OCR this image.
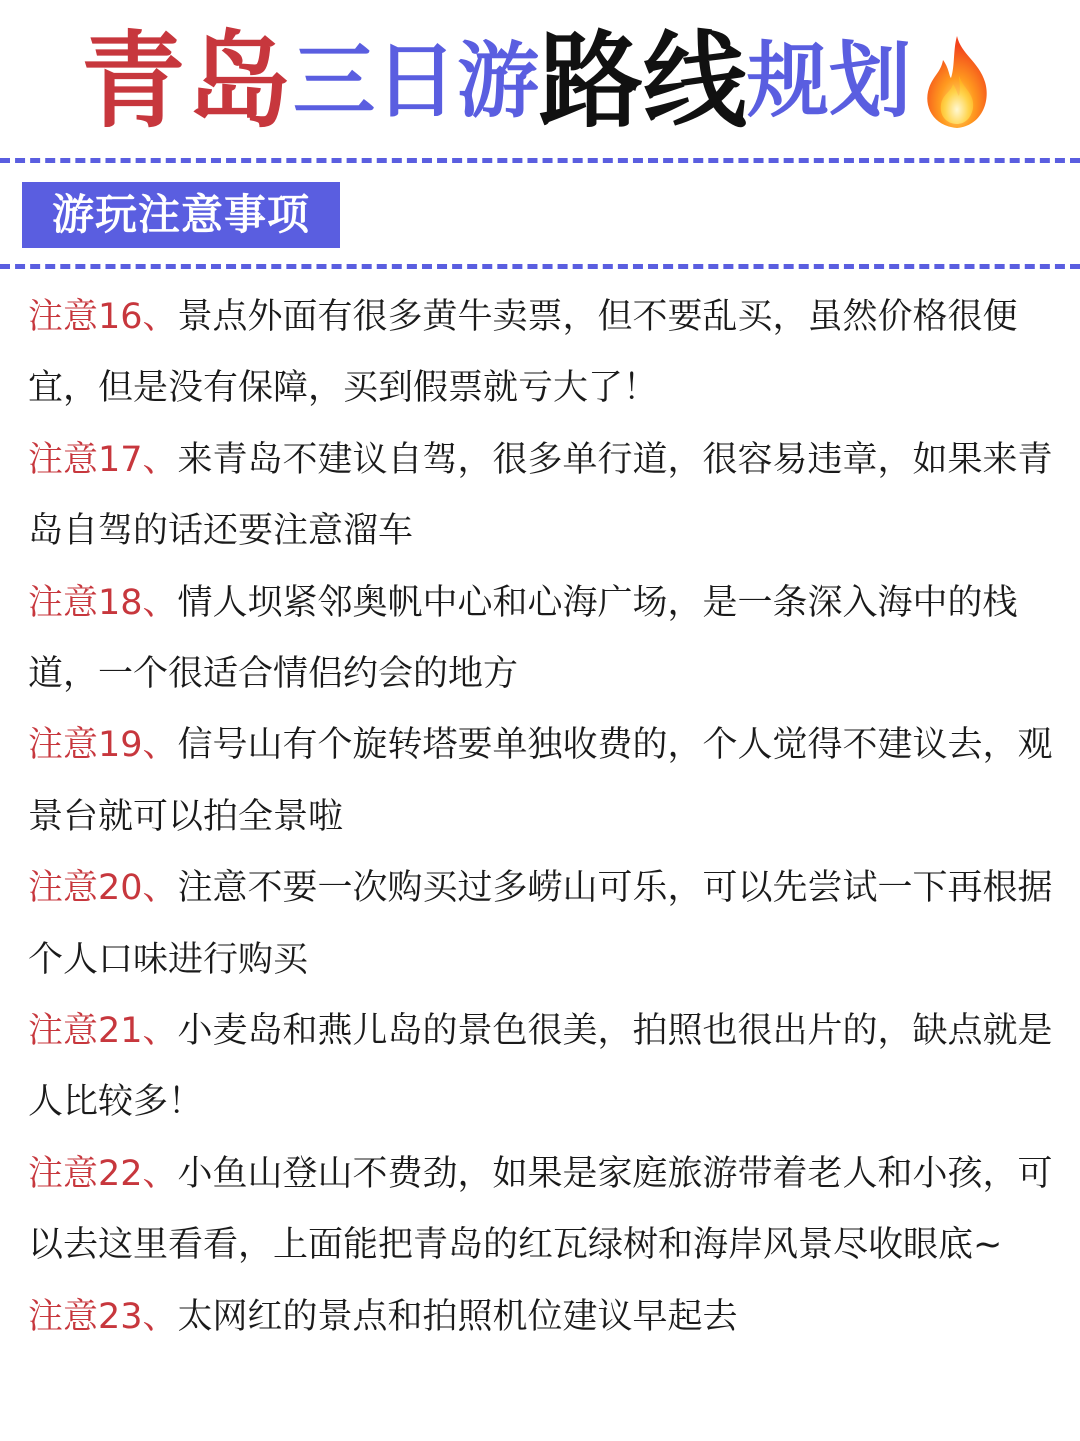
青岛三日游路线规划
游玩注意事项

注意16、景点外面有很多黄牛卖票，但不要乱买，虽然价格很便宜，但是没有保障，买到假票就亏大了！

注意17、来青岛不建议自驾，很多单行道，很容易违章，如果来青岛自驾的话还要注意溜车

注意18、情人坝紧邻奥帆中心和心海广场，是一条深入海中的栈道，一个很适合情侣约会的地方

注意19、信号山有个旋转塔要单独收费的，个人觉得不建议去，观景台就可以拍全景啦

注意20、注意不要一次购买过多崂山可乐，可以先尝试一下再根据个人口味进行购买

注意21、小麦岛和燕儿岛的景色很美，拍照也很出片的，缺点就是人比较多！

注意22、小鱼山登山不费劲，如果是家庭旅游带着老人和小孩，可以去这里看看，上面能把青岛的红瓦绿树和海岸风景尽收眼底~

注意23、太网红的景点和拍照机位建议早起去
